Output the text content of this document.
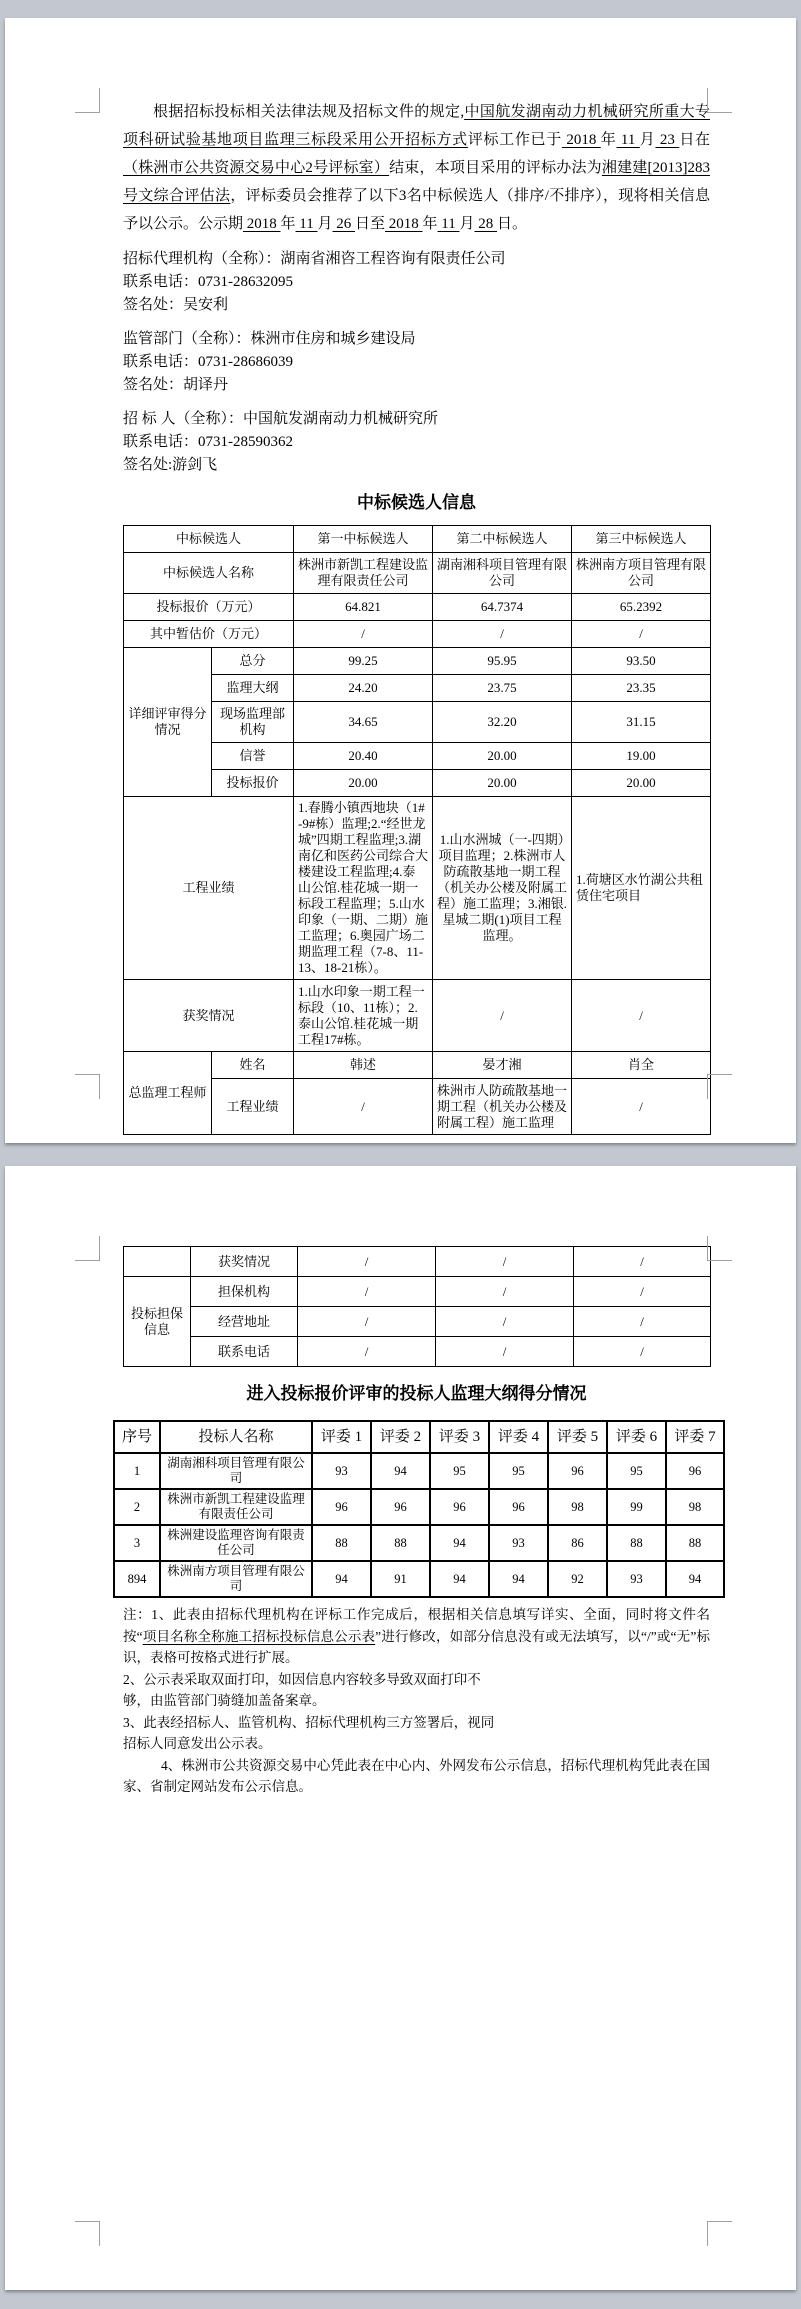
根据招标投标相关法律法规及招标文件的规定,中国航发湖南动力机械研究所重大专项科研试验基地项目监理三标段采用公开招标方式评标工作已于 2018 年 11 月 23 日在（株洲市公共资源交易中心2号评标室）结束，本项目采用的评标办法为湘建建[2013]283号文综合评估法，评标委员会推荐了以下3名中标候选人（排序/不排序），现将相关信息予以公示。公示期 2018 年 11 月 26 日至 2018 年 11 月 28 日。

招标代理机构（全称）：湖南省湘咨工程咨询有限责任公司

联系电话：0731-28632095

签名处：吴安利

监管部门（全称）：株洲市住房和城乡建设局

联系电话：0731-28686039

签名处：胡译丹

招 标 人（全称）：中国航发湖南动力机械研究所

联系电话：0731-28590362

签名处:游剑飞

中标候选人信息
中标候选人		第一中标候选人	第二中标候选人	第三中标候选人
中标候选人名称		株洲市新凯工程建设监理有限责任公司	湖南湘科项目管理有限公司	株洲南方项目管理有限公司
投标报价（万元）		64.821	64.7374	65.2392
其中暂估价（万元）		/	/	/
详细评审得分情况	总分	99.25	95.95	93.50
	监理大纲	24.20	23.75	23.35
	现场监理部机构	34.65	32.20	31.15
	信誉	20.40	20.00	19.00
	投标报价	20.00	20.00	20.00
工程业绩		1.春腾小镇西地块（1#-9#栋）监理;2.“经世龙城”四期工程监理;3.湖南亿和医药公司综合大楼建设工程监理;4.泰山公馆.桂花城一期一标段工程监理；5.山水印象（一期、二期）施工监理；6.奥园广场二期监理工程（7-8、11-13、18-21栋）。	1.山水洲城（一-四期）项目监理；2.株洲市人防疏散基地一期工程（机关办公楼及附属工程）施工监理；3.湘银.星城二期(1)项目工程监理。	1.荷塘区水竹湖公共租赁住宅项目
获奖情况		1.山水印象一期工程一标段（10、11栋）；2.泰山公馆.桂花城一期工程17#栋。	/	/
总监理工程师	姓名	韩述	晏才湘	肖全
	工程业绩	/	株洲市人防疏散基地一期工程（机关办公楼及附属工程）施工监理	/
	获奖情况	/	/	/
投标担保信息	担保机构	/	/	/
	经营地址	/	/	/
	联系电话	/	/	/
进入投标报价评审的投标人监理大纲得分情况
序号	投标人名称	评委 1	评委 2	评委 3	评委 4	评委 5	评委 6	评委 7
1	湖南湘科项目管理有限公司	93	94	95	95	96	95	96
2	株洲市新凯工程建设监理有限责任公司	96	96	96	96	98	99	98
3	株洲建设监理咨询有限责任公司	88	88	94	93	86	88	88
894	株洲南方项目管理有限公司	94	91	94	94	92	93	94

注：1、此表由招标代理机构在评标工作完成后，根据相关信息填写详实、全面，同时将文件名按“项目名称全称施工招标投标信息公示表”进行修改，如部分信息没有或无法填写，以“/”或“无”标识，表格可按格式进行扩展。

2、公示表采取双面打印，如因信息内容较多导致双面打印不

够，由监管部门骑缝加盖备案章。

3、此表经招标人、监管机构、招标代理机构三方签署后，视同

招标人同意发出公示表。

4、株洲市公共资源交易中心凭此表在中心内、外网发布公示信息，招标代理机构凭此表在国家、省制定网站发布公示信息。
